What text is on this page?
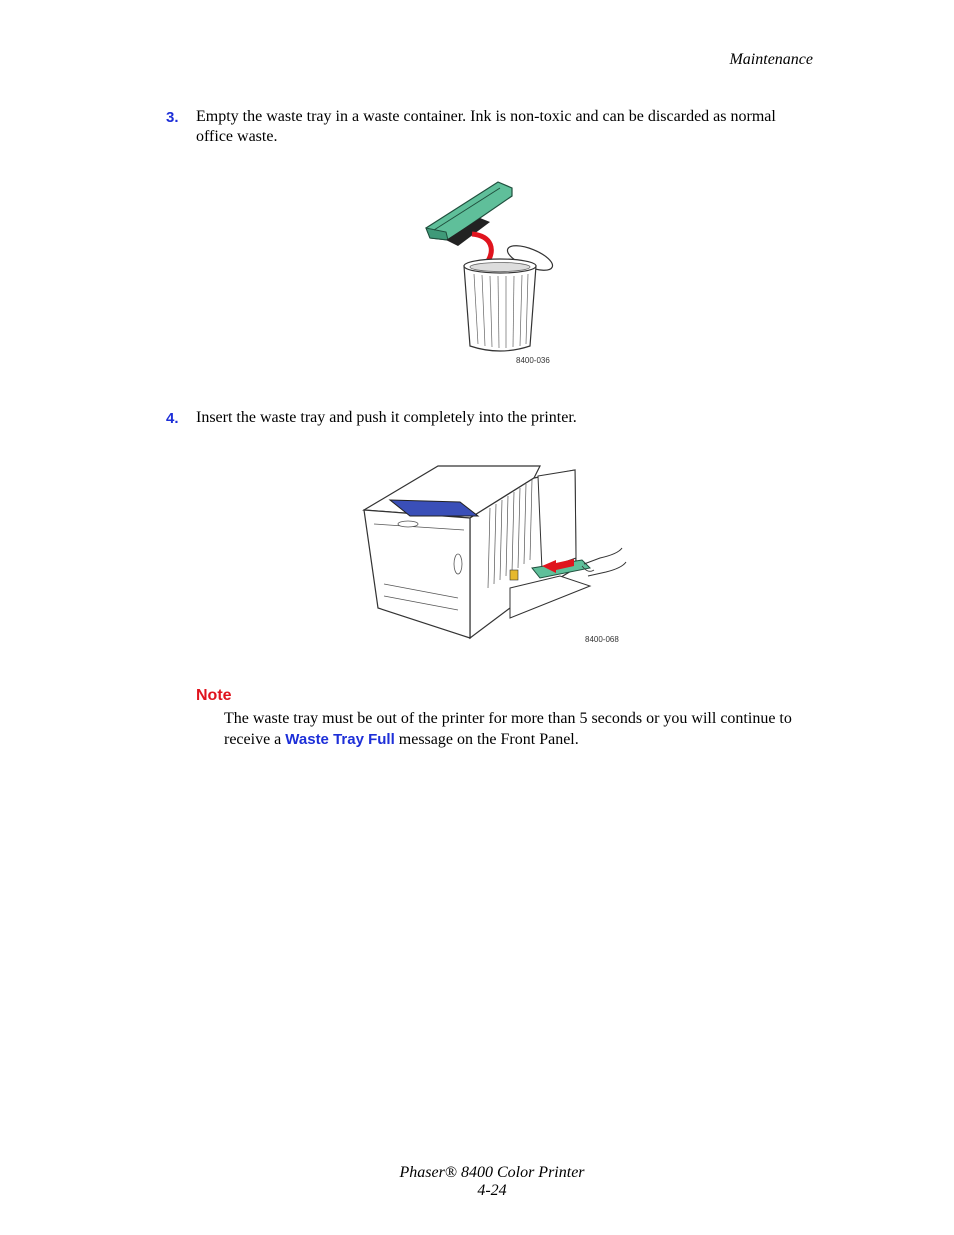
Maintenance
3. Empty the waste tray in a waste container. Ink is non-toxic and can be discarded as normal office waste.
8400-036
4. Insert the waste tray and push it completely into the printer.
8400-068
Note
The waste tray must be out of the printer for more than 5 seconds or you will continue to receive a Waste Tray Full message on the Front Panel.
Phaser® 8400 Color Printer
4-24
